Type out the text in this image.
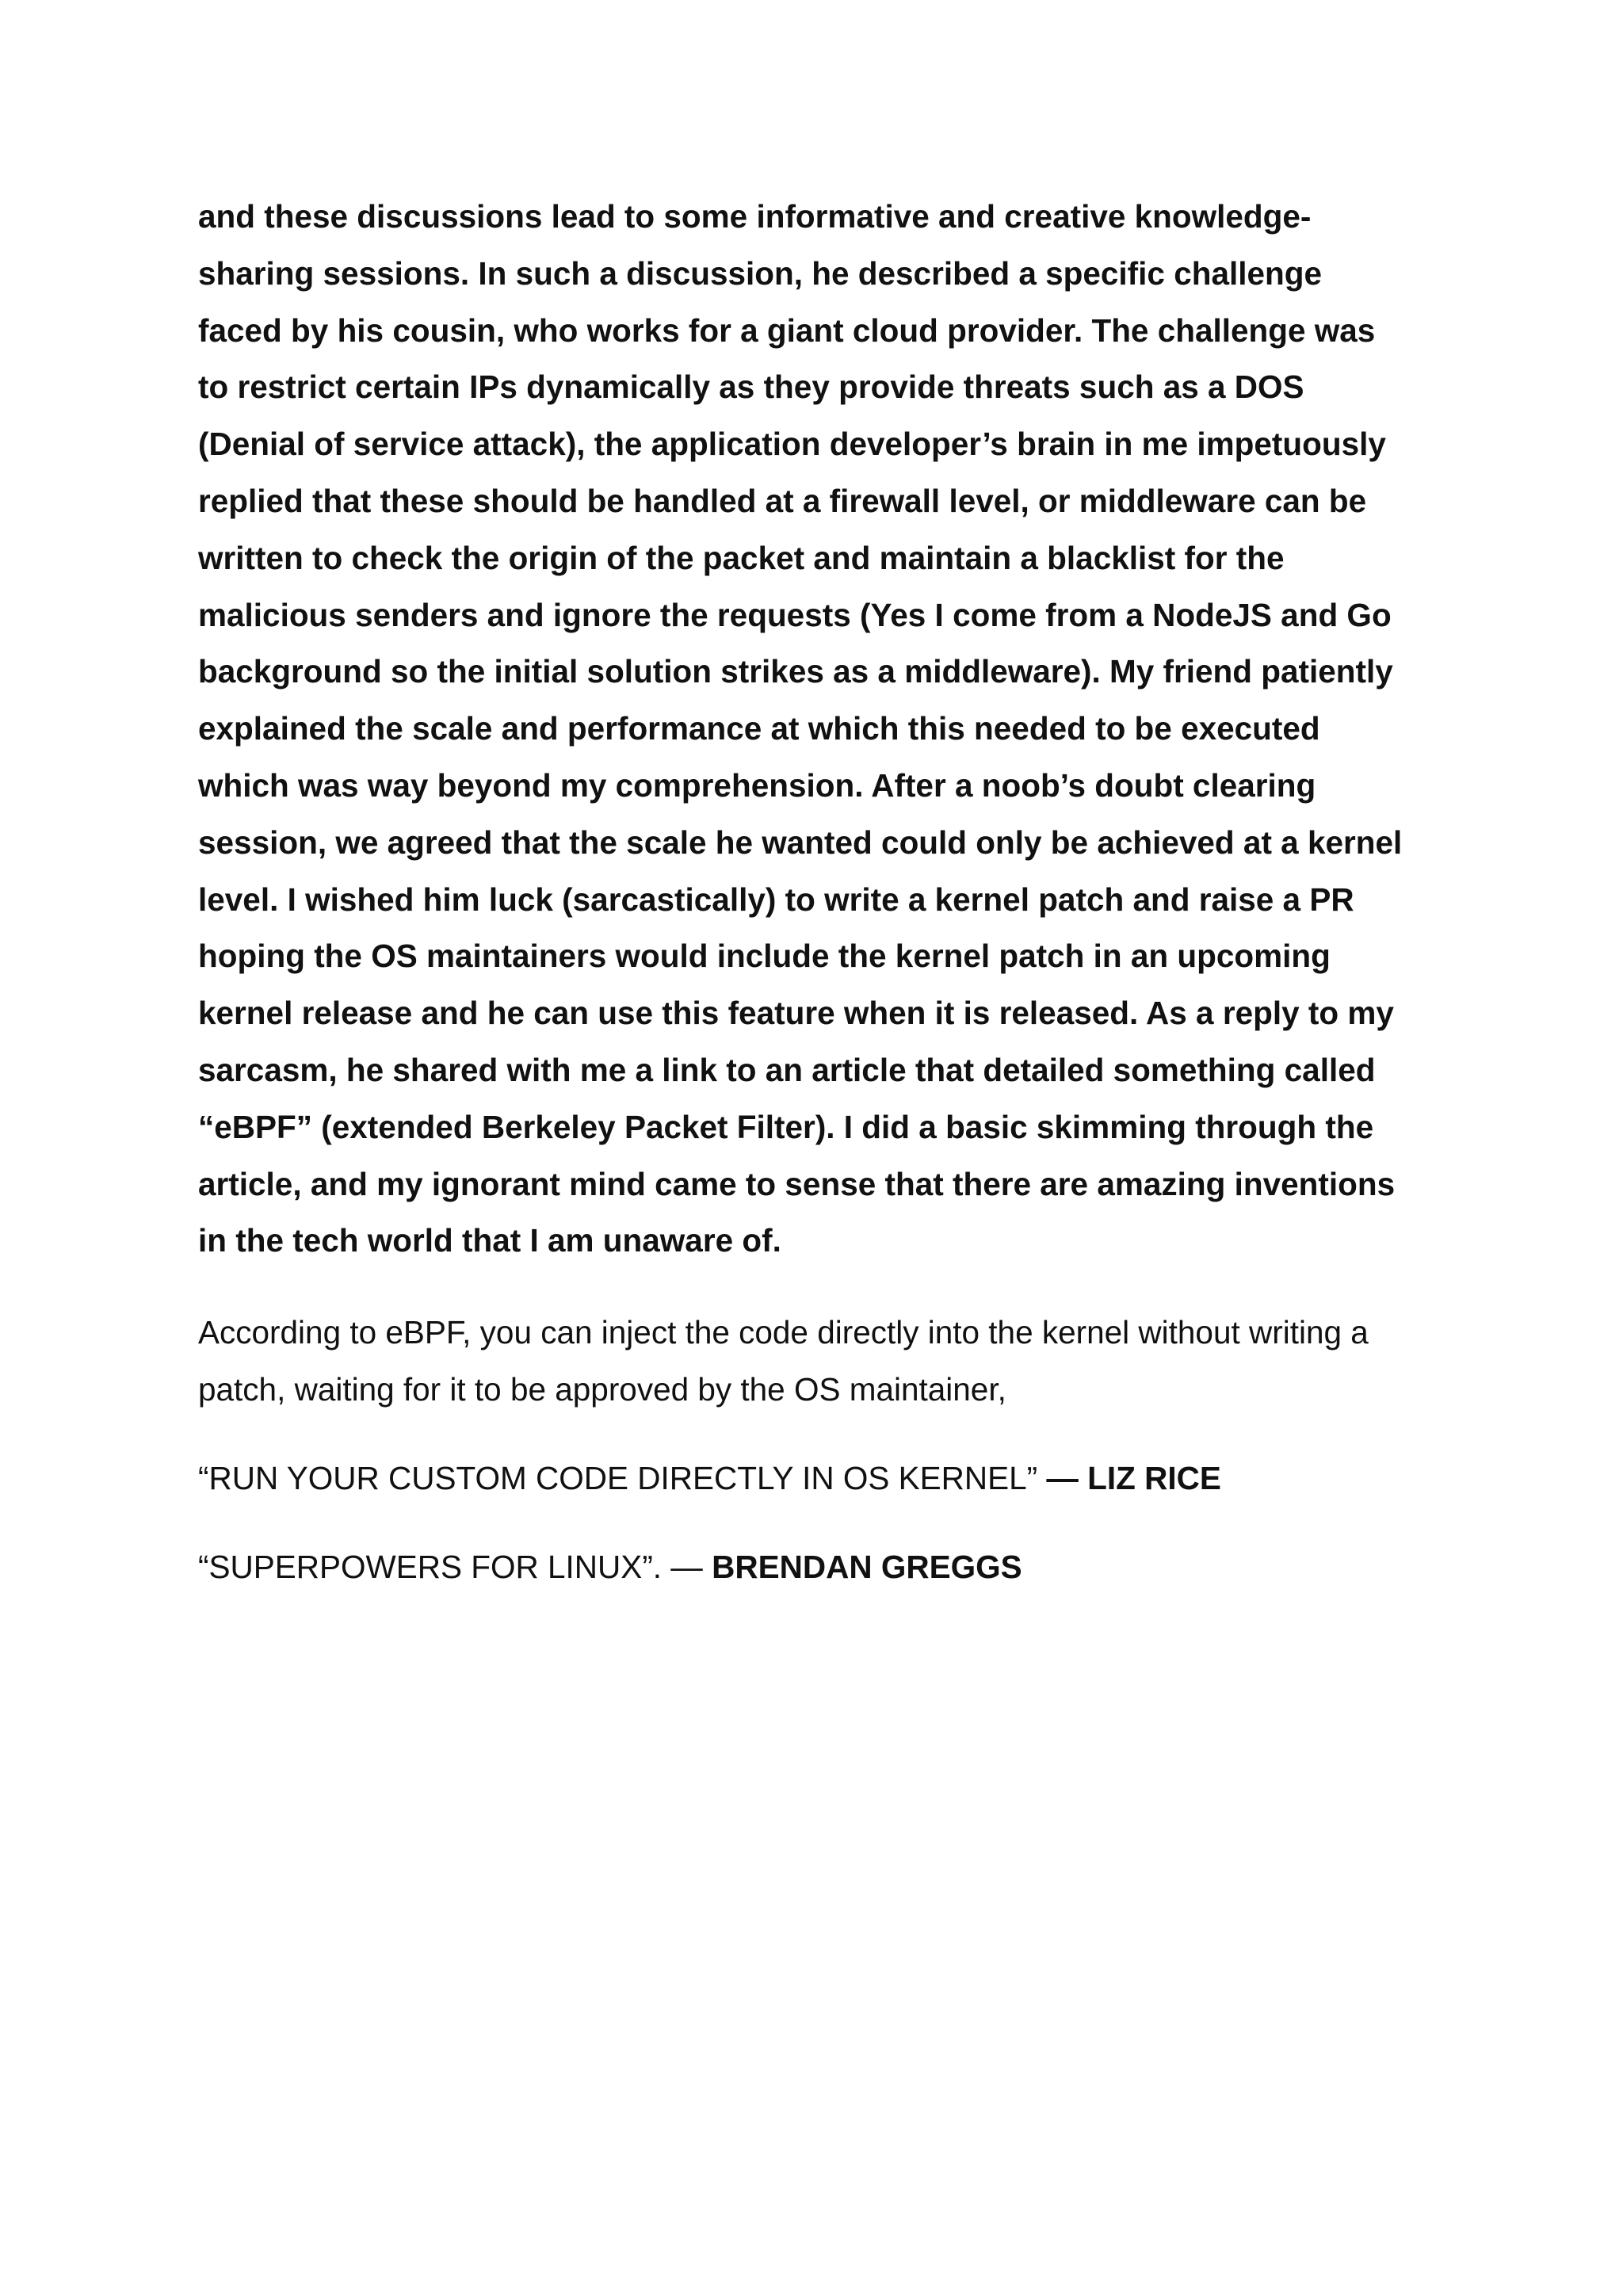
and these discussions lead to some informative and creative knowledge-
sharing sessions. In such a discussion, he described a specific challenge
faced by his cousin, who works for a giant cloud provider. The challenge was
to restrict certain IPs dynamically as they provide threats such as a DOS
(Denial of service attack), the application developer’s brain in me impetuously
replied that these should be handled at a firewall level, or middleware can be
written to check the origin of the packet and maintain a blacklist for the
malicious senders and ignore the requests (Yes I come from a NodeJS and Go
background so the initial solution strikes as a middleware). My friend patiently
explained the scale and performance at which this needed to be executed
which was way beyond my comprehension. After a noob’s doubt clearing
session, we agreed that the scale he wanted could only be achieved at a kernel
level. I wished him luck (sarcastically) to write a kernel patch and raise a PR
hoping the OS maintainers would include the kernel patch in an upcoming
kernel release and he can use this feature when it is released. As a reply to my
sarcasm, he shared with me a link to an article that detailed something called
“eBPF” (extended Berkeley Packet Filter). I did a basic skimming through the
article, and my ignorant mind came to sense that there are amazing inventions
in the tech world that I am unaware of.

According to eBPF, you can inject the code directly into the kernel without writing a
patch, waiting for it to be approved by the OS maintainer,

“RUN YOUR CUSTOM CODE DIRECTLY IN OS KERNEL” — LIZ RICE

“SUPERPOWERS FOR LINUX”. — BRENDAN GREGGS
